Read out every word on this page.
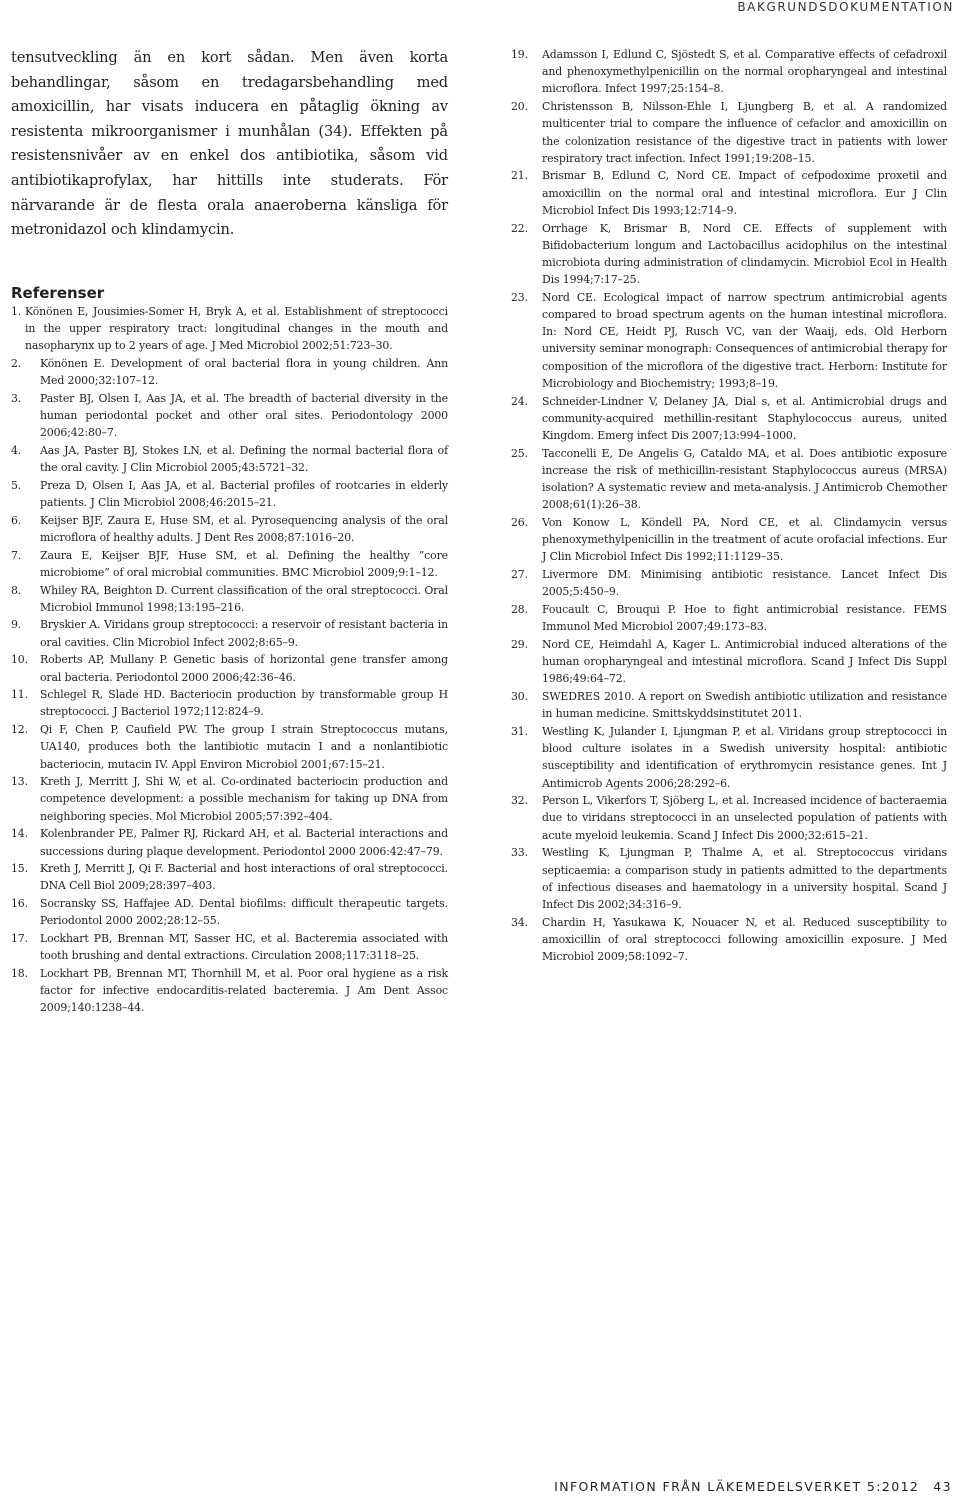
BAKGRUNDSDOKUMENTATION

tensutveckling än en kort sådan. Men även korta behandlingar, såsom en tredagarsbehandling med amoxicillin, har visats inducera en påtaglig ökning av resistenta mikroorganismer i munhålan (34). Effekten på resistensnivåer av en enkel dos antibiotika, såsom vid antibiotikaprofylax, har hittills inte studerats. För närvarande är de flesta orala anaeroberna känsliga för metronidazol och klindamycin.

Referenser
1. Könönen E, Jousimies-Somer H, Bryk A, et al. Establishment of streptococci in the upper respiratory tract: longitudinal changes in the mouth and nasopharynx up to 2 years of age. J Med Microbiol 2002;51:723–30.
2.	Könönen E. Development of oral bacterial flora in young children. Ann Med 2000;32:107–12.
3.	Paster BJ, Olsen I, Aas JA, et al. The breadth of bacterial diversity in the human periodontal pocket and other oral sites. Periodontology 2000 2006;42:80–7.
4.	Aas JA, Paster BJ, Stokes LN, et al. Defining the normal bacterial flora of the oral cavity. J Clin Microbiol 2005;43:5721–32.
5.	Preza D, Olsen I, Aas JA, et al. Bacterial profiles of rootcaries in elderly patients. J Clin Microbiol 2008;46:2015–21.
6.	Keijser BJF, Zaura E, Huse SM, et al. Pyrosequencing analysis of the oral microflora of healthy adults. J Dent Res 2008;87:1016–20.
7.	Zaura E, Keijser BJF, Huse SM, et al. Defining the healthy ”core microbiome” of oral microbial communities. BMC Microbiol 2009;9:1–12.
8.	Whiley RA, Beighton D. Current classification of the oral streptococci. Oral Microbiol Immunol 1998;13:195–216.
9.	Bryskier A. Viridans group streptococci: a reservoir of resistant bacteria in oral cavities. Clin Microbiol Infect 2002;8:65–9.
10.	Roberts AP, Mullany P. Genetic basis of horizontal gene transfer among oral bacteria. Periodontol 2000 2006;42:36–46.
11.	Schlegel R, Slade HD. Bacteriocin production by transformable group H streptococci. J Bacteriol 1972;112:824–9.
12.	Qi F, Chen P, Caufield PW. The group I strain Streptococcus mutans, UA140, produces both the lantibiotic mutacin I and a nonlantibiotic bacteriocin, mutacin IV. Appl Environ Microbiol 2001;67:15–21.
13.	Kreth J, Merritt J, Shi W, et al. Co-ordinated bacteriocin production and competence development: a possible mechanism for taking up DNA from neighboring species. Mol Microbiol 2005;57:392–404.
14.	Kolenbrander PE, Palmer RJ, Rickard AH, et al. Bacterial interactions and successions during plaque development. Periodontol 2000 2006:42:47–79.
15.	Kreth J, Merritt J, Qi F. Bacterial and host interactions of oral streptococci. DNA Cell Biol 2009;28:397–403.
16.	Socransky SS, Haffajee AD. Dental biofilms: difficult therapeutic targets. Periodontol 2000 2002;28:12–55.
17.	Lockhart PB, Brennan MT, Sasser HC, et al. Bacteremia associated with tooth brushing and dental extractions. Circulation 2008;117:3118–25.
18.	Lockhart PB, Brennan MT, Thornhill M, et al. Poor oral hygiene as a risk factor for infective endocarditis-related bacteremia. J Am Dent Assoc 2009;140:1238–44.
19.	Adamsson I, Edlund C, Sjöstedt S, et al. Comparative effects of cefadroxil and phenoxymethylpenicillin on the normal oropharyngeal and intestinal microflora. Infect 1997;25:154–8.
20.	Christensson B, Nilsson-Ehle I, Ljungberg B, et al. A randomized multicenter trial to compare the influence of cefaclor and amoxicillin on the colonization resistance of the digestive tract in patients with lower respiratory tract infection. Infect 1991;19:208–15.
21.	Brismar B, Edlund C, Nord CE. Impact of cefpodoxime proxetil and amoxicillin on the normal oral and intestinal microflora. Eur J Clin Microbiol Infect Dis 1993;12:714–9.
22.	Orrhage K, Brismar B, Nord CE. Effects of supplement with Bifidobacterium longum and Lactobacillus acidophilus on the intestinal microbiota during administration of clindamycin. Microbiol Ecol in Health Dis 1994;7:17–25.
23.	Nord CE. Ecological impact of narrow spectrum antimicrobial agents compared to broad spectrum agents on the human intestinal microflora. In: Nord CE, Heidt PJ, Rusch VC, van der Waaij, eds. Old Herborn university seminar monograph: Consequences of antimicrobial therapy for composition of the microflora of the digestive tract. Herborn: Institute for Microbiology and Biochemistry; 1993;8–19.
24.	Schneider-Lindner V, Delaney JA, Dial s, et al. Antimicrobial drugs and community-acquired methillin-resitant Staphylococcus aureus, united Kingdom. Emerg infect Dis 2007;13:994–1000.
25.	Tacconelli E, De Angelis G, Cataldo MA, et al. Does antibiotic exposure increase the risk of methicillin-resistant Staphylococcus aureus (MRSA) isolation? A systematic review and meta-analysis. J Antimicrob Chemother 2008;61(1):26–38.
26.	Von Konow L, Köndell PA, Nord CE, et al. Clindamycin versus phenoxymethylpenicillin in the treatment of acute orofacial infections. Eur J Clin Microbiol Infect Dis 1992;11:1129–35.
27.	Livermore DM. Minimising antibiotic resistance. Lancet Infect Dis 2005;5:450–9.
28.	Foucault C, Brouqui P. Hoe to fight antimicrobial resistance. FEMS Immunol Med Microbiol 2007;49:173–83.
29.	Nord CE, Heimdahl A, Kager L. Antimicrobial induced alterations of the human oropharyngeal and intestinal microflora. Scand J Infect Dis Suppl 1986;49:64–72.
30.	SWEDRES 2010. A report on Swedish antibiotic utilization and resistance in human medicine. Smittskyddsinstitutet 2011.
31.	Westling K, Julander I, Ljungman P, et al. Viridans group streptococci in blood culture isolates in a Swedish university hospital: antibiotic susceptibility and identification of erythromycin resistance genes. Int J Antimicrob Agents 2006;28:292–6.
32.	Person L, Vikerfors T, Sjöberg L, et al. Increased incidence of bacteraemia due to viridans streptococci in an unselected population of patients with acute myeloid leukemia. Scand J Infect Dis 2000;32:615–21.
33.	Westling K, Ljungman P, Thalme A, et al. Streptococcus viridans septicaemia: a comparison study in patients admitted to the departments of infectious diseases and haematology in a university hospital. Scand J Infect Dis 2002;34:316–9.
34.	Chardin H, Yasukawa K, Nouacer N, et al. Reduced susceptibility to amoxicillin of oral streptococci following amoxicillin exposure. J Med Microbiol 2009;58:1092–7.
INFORMATION FRÅN LÄKEMEDELSVERKET 5:2012 43
